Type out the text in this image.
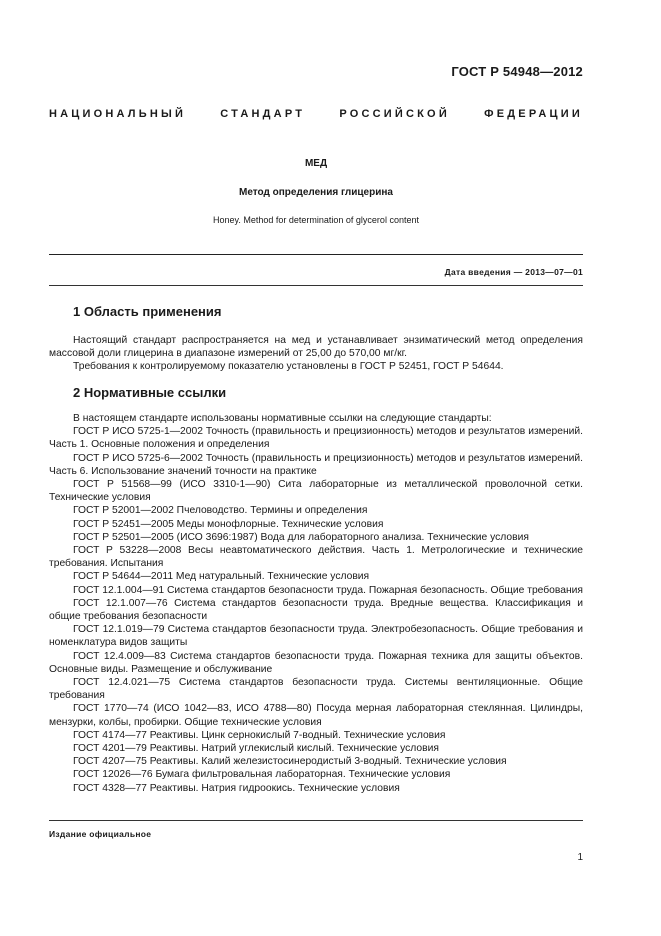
ГОСТ Р 54948—2012
НАЦИОНАЛЬНЫЙ СТАНДАРТ РОССИЙСКОЙ ФЕДЕРАЦИИ
МЕД
Метод определения глицерина
Honey. Method for determination of glycerol content
Дата введения — 2013—07—01
1 Область применения

Настоящий стандарт распространяется на мед и устанавливает энзиматический метод определения массовой доли глицерина в диапазоне измерений от 25,00 до 570,00 мг/кг.

Требования к контролируемому показателю установлены в ГОСТ Р 52451, ГОСТ Р 54644.

2 Нормативные ссылки

В настоящем стандарте использованы нормативные ссылки на следующие стандарты:

ГОСТ Р ИСО 5725-1—2002 Точность (правильность и прецизионность) методов и результатов измерений. Часть 1. Основные положения и определения

ГОСТ Р ИСО 5725-6—2002 Точность (правильность и прецизионность) методов и результатов измерений. Часть 6. Использование значений точности на практике

ГОСТ Р 51568—99 (ИСО 3310-1—90) Сита лабораторные из металлической проволочной сетки. Технические условия

ГОСТ Р 52001—2002 Пчеловодство. Термины и определения

ГОСТ Р 52451—2005 Меды монофлорные. Технические условия

ГОСТ Р 52501—2005 (ИСО 3696:1987) Вода для лабораторного анализа. Технические условия

ГОСТ Р 53228—2008 Весы неавтоматического действия. Часть 1. Метрологические и технические требования. Испытания

ГОСТ Р 54644—2011 Мед натуральный. Технические условия

ГОСТ 12.1.004—91 Система стандартов безопасности труда. Пожарная безопасность. Общие требования

ГОСТ 12.1.007—76 Система стандартов безопасности труда. Вредные вещества. Классификация и общие требования безопасности

ГОСТ 12.1.019—79 Система стандартов безопасности труда. Электробезопасность. Общие требования и номенклатура видов защиты

ГОСТ 12.4.009—83 Система стандартов безопасности труда. Пожарная техника для защиты объектов. Основные виды. Размещение и обслуживание

ГОСТ 12.4.021—75 Система стандартов безопасности труда. Системы вентиляционные. Общие требования

ГОСТ 1770—74 (ИСО 1042—83, ИСО 4788—80) Посуда мерная лабораторная стеклянная. Цилиндры, мензурки, колбы, пробирки. Общие технические условия

ГОСТ 4174—77 Реактивы. Цинк сернокислый 7-водный. Технические условия

ГОСТ 4201—79 Реактивы. Натрий углекислый кислый. Технические условия

ГОСТ 4207—75 Реактивы. Калий железистосинеродистый 3-водный. Технические условия

ГОСТ 12026—76 Бумага фильтровальная лабораторная. Технические условия

ГОСТ 4328—77 Реактивы. Натрия гидроокись. Технические условия

Издание официальное
1
